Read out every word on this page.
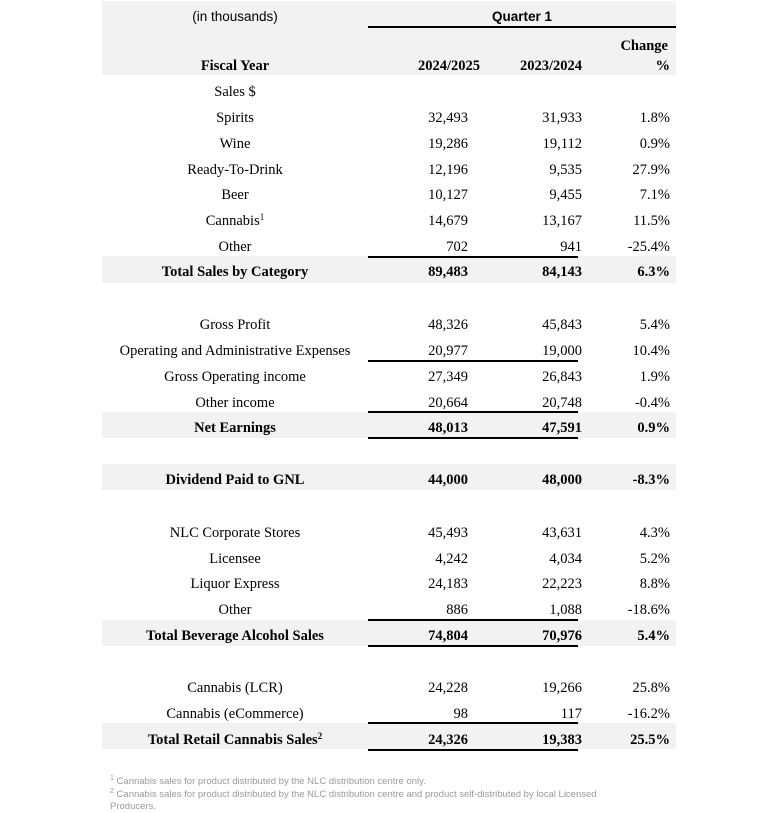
(in thousands)	Quarter 1
Change
Fiscal Year	2024/2025	2023/2024	%
Sales $
Spirits	32,493	31,933	1.8%
Wine	19,286	19,112	0.9%
Ready-To-Drink	12,196	9,535	27.9%
Beer	10,127	9,455	7.1%
Cannabis$^1$	14,679	13,167	11.5%
Other	702	941	-25.4%
Total Sales by Category	89,483	84,143	6.3%
Gross Profit	48,326	45,843	5.4%
Operating and Administrative Expenses	20,977	19,000	10.4%
Gross Operating income	27,349	26,843	1.9%
Other income	20,664	20,748	-0.4%
Net Earnings	48,013	47,591	0.9%
Dividend Paid to GNL	44,000	48,000	-8.3%
NLC Corporate Stores	45,493	43,631	4.3%
Licensee	4,242	4,034	5.2%
Liquor Express	24,183	22,223	8.8%
Other	886	1,088	-18.6%
Total Beverage Alcohol Sales	74,804	70,976	5.4%
Cannabis (LCR)	24,228	19,266	25.8%
Cannabis (eCommerce)	98	117	-16.2%
Total Retail Cannabis Sales$^2$	24,326	19,383	25.5%
$^1$ Cannabis sales for product distributed by the NLC distribution centre only.
$^2$ Cannabis sales for product distributed by the NLC distribution centre and product self-distributed by local Licensed Producers.
